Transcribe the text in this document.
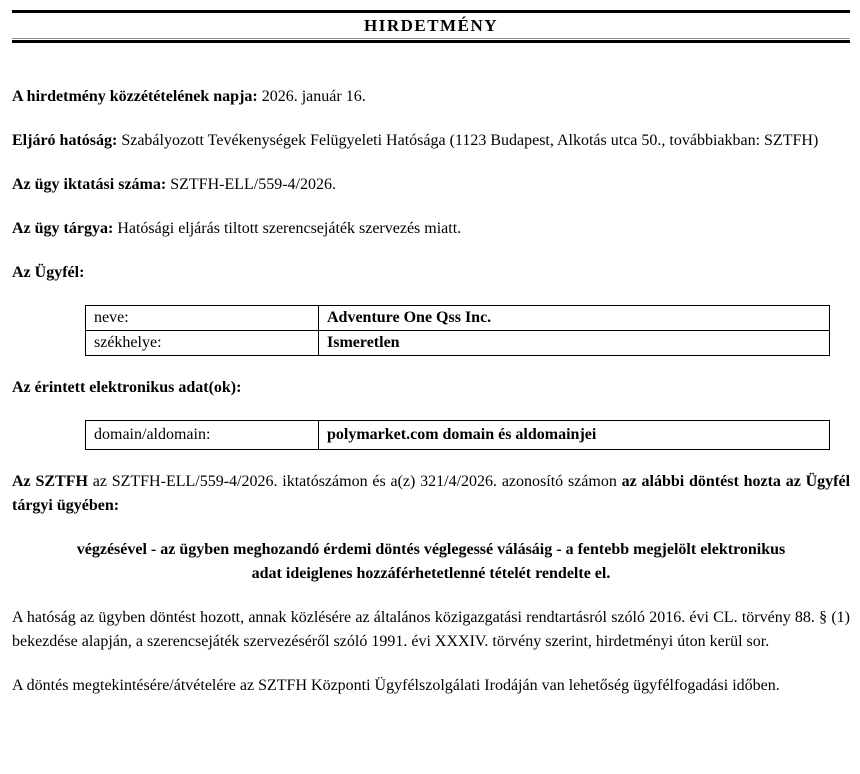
HIRDETMÉNY

A hirdetmény közzétételének napja: 2026. január 16.

Eljáró hatóság: Szabályozott Tevékenységek Felügyeleti Hatósága (1123 Budapest, Alkotás utca 50., továbbiakban: SZTFH)

Az ügy iktatási száma: SZTFH-ELL/559-4/2026.

Az ügy tárgya: Hatósági eljárás tiltott szerencsejáték szervezés miatt.

Az Ügyfél:

neve:	Adventure One Qss Inc.
székhelye:	Ismeretlen

Az érintett elektronikus adat(ok):

domain/aldomain:	polymarket.com domain és aldomainjei

Az SZTFH az SZTFH-ELL/559-4/2026. iktatószámon és a(z) 321/4/2026. azonosító számon az alábbi döntést hozta az Ügyfél tárgyi ügyében:

végzésével - az ügyben meghozandó érdemi döntés véglegessé válásáig - a fentebb megjelölt elektronikus adat ideiglenes hozzáférhetetlenné tételét rendelte el.

A hatóság az ügyben döntést hozott, annak közlésére az általános közigazgatási rendtartásról szóló 2016. évi CL. törvény 88. § (1) bekezdése alapján, a szerencsejáték szervezéséről szóló 1991. évi XXXIV. törvény szerint, hirdetményi úton kerül sor.

A döntés megtekintésére/átvételére az SZTFH Központi Ügyfélszolgálati Irodáján van lehetőség ügyfélfogadási időben.
